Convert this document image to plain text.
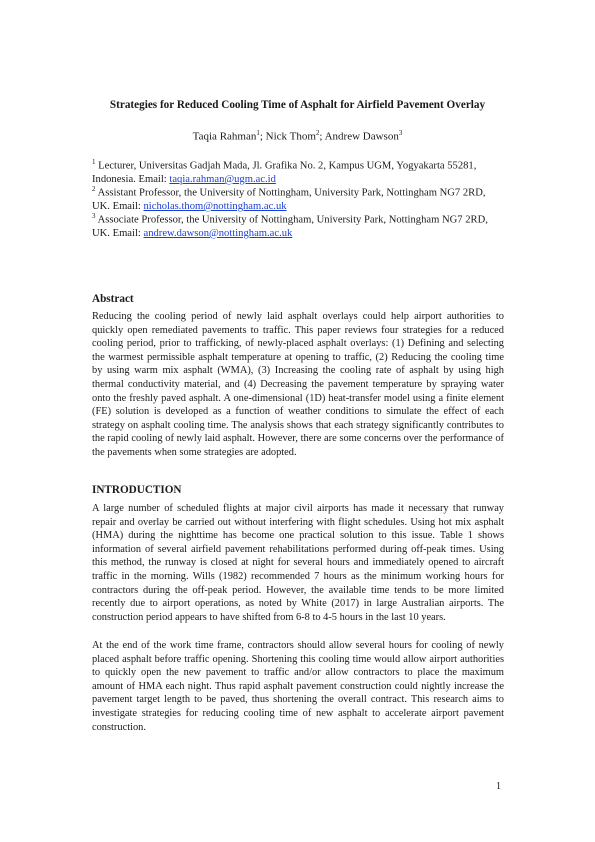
Strategies for Reduced Cooling Time of Asphalt for Airfield Pavement Overlay
Taqia Rahman$^1$; Nick Thom$^2$; Andrew Dawson$^3$
$^1$ Lecturer, Universitas Gadjah Mada, Jl. Grafika No. 2, Kampus UGM, Yogyakarta 55281, Indonesia. Email: taqia.rahman@ugm.ac.id
$^2$ Assistant Professor, the University of Nottingham, University Park, Nottingham NG7 2RD, UK. Email: nicholas.thom@nottingham.ac.uk
$^3$ Associate Professor, the University of Nottingham, University Park, Nottingham NG7 2RD, UK. Email: andrew.dawson@nottingham.ac.uk
Abstract
Reducing the cooling period of newly laid asphalt overlays could help airport authorities to quickly open remediated pavements to traffic. This paper reviews four strategies for a reduced cooling period, prior to trafficking, of newly-placed asphalt overlays: (1) Defining and selecting the warmest permissible asphalt temperature at opening to traffic, (2) Reducing the cooling time by using warm mix asphalt (WMA), (3) Increasing the cooling rate of asphalt by using high thermal conductivity material, and (4) Decreasing the pavement temperature by spraying water onto the freshly paved asphalt. A one-dimensional (1D) heat-transfer model using a finite element (FE) solution is developed as a function of weather conditions to simulate the effect of each strategy on asphalt cooling time. The analysis shows that each strategy significantly contributes to the rapid cooling of newly laid asphalt. However, there are some concerns over the performance of the pavements when some strategies are adopted.
INTRODUCTION
A large number of scheduled flights at major civil airports has made it necessary that runway repair and overlay be carried out without interfering with flight schedules. Using hot mix asphalt (HMA) during the nighttime has become one practical solution to this issue. Table 1 shows information of several airfield pavement rehabilitations performed during off-peak times. Using this method, the runway is closed at night for several hours and immediately opened to aircraft traffic in the morning. Wills (1982) recommended 7 hours as the minimum working hours for contractors during the off-peak period. However, the available time tends to be more limited recently due to airport operations, as noted by White (2017) in large Australian airports. The construction period appears to have shifted from 6-8 to 4-5 hours in the last 10 years.
At the end of the work time frame, contractors should allow several hours for cooling of newly placed asphalt before traffic opening. Shortening this cooling time would allow airport authorities to quickly open the new pavement to traffic and/or allow contractors to place the maximum amount of HMA each night. Thus rapid asphalt pavement construction could nightly increase the pavement target length to be paved, thus shortening the overall contract. This research aims to investigate strategies for reducing cooling time of new asphalt to accelerate airport pavement construction.
1
